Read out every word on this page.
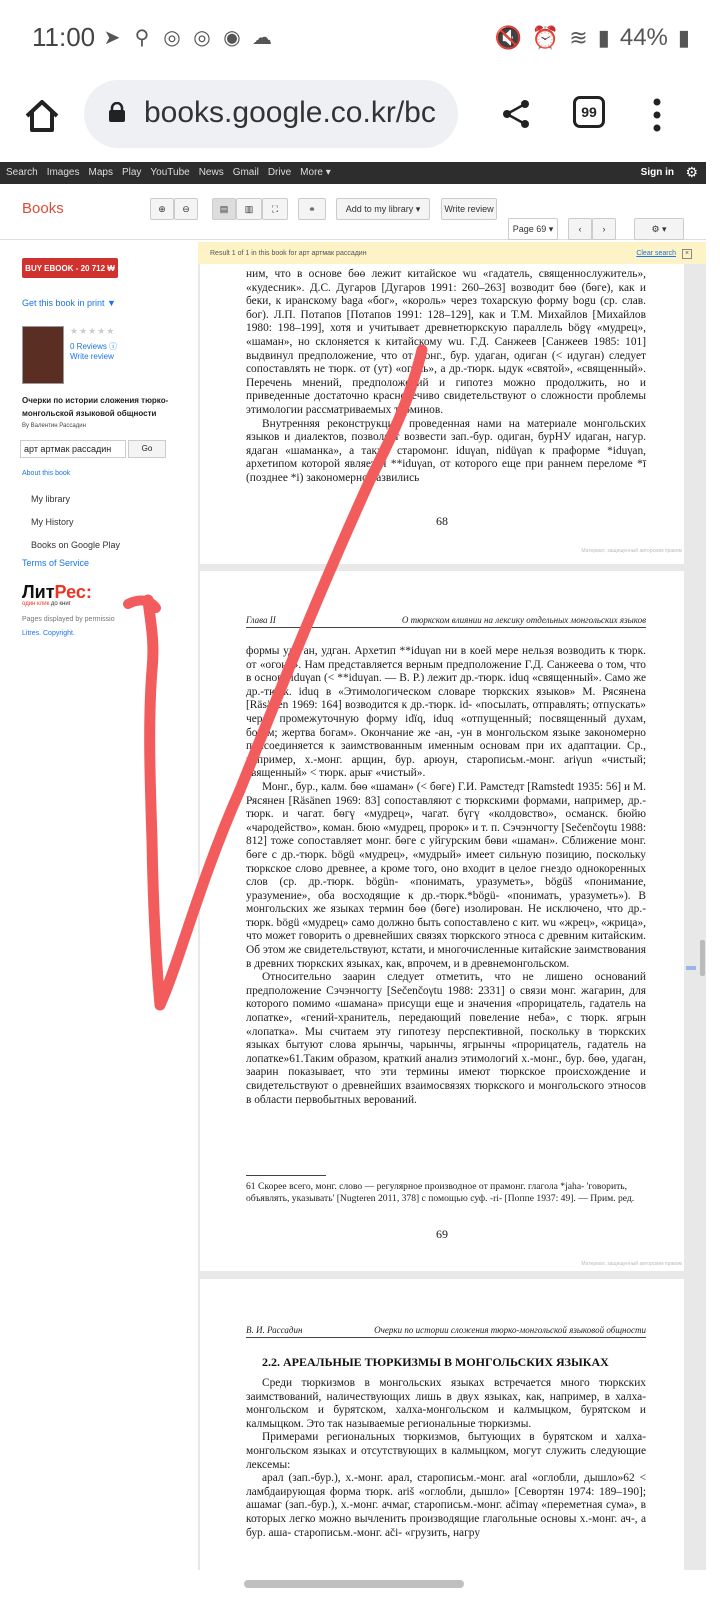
11:00 ➤ ⚲ ◎ ◎ ◉ ☁	🔇 ⏰ ≋ ▮ 44% ▮
books.google.co.kr/bc	99
Search Images Maps Play YouTube News Gmail Drive More ▾	Sign in ⚙
Books	⊕ ⊖	▤ ▥ ⛶	⚭	Add to my library ▾	Write review
Page 69 ▾	‹ ›	⚙ ▾
BUY EBOOK - 20 712 ₩
Get this book in print ▼
★★★★★
0 Reviews ⓘ
Write review
Очерки по истории сложения тюрко-монгольской языковой общности
By Валентин Рассадин
арт артмак рассадин	Go
About this book
My library
My History
Books on Google Play
Terms of Service
ЛитРес:
один клик до книг
Pages displayed by permissio
Litres. Copyright.
Result 1 of 1 in this book for арт артмак рассадин	Clear search	×

ним, что в основе бөө лежит китайское wu «гадатель, священнослужитель», «кудесник». Д.С. Дугаров [Дугаров 1991: 260–263] возводит бөө (бөгe), как и беки, к иранскому baga «бог», «король» через тохарскую форму bogu (ср. слав. бог). Л.П. Потапов [Потапов 1991: 128–129], как и Т.М. Михайлов [Михайлов 1980: 198–199], хотя и учитывает древнетюркскую параллель bögү «мудрец», «шаман», но склоняется к китайскому wu. Г.Д. Санжеев [Санжеев 1985: 101] выдвинул предположение, что от монг., бур. удаган, одиган (< идуган) следует сопоставлять не тюрк. от (ут) «огонь», а др.-тюрк. ыдук «святой», «священный». Перечень мнений, предположений и гипотез можно продолжить, но и приведенные достаточно красноречиво свидетельствуют о сложности проблемы этимологии рассматриваемых терминов.

Внутренняя реконструкция, проведенная нами на материале монгольских языков и диалектов, позволяет возвести зап.-бур. одиган, бурНУ идаган, нагур. ядаган «шаманка», а также старомонг. iduγan, nidüγan к праформе *iduγan, архетипом которой является **iduγan, от которого еще при раннем переломе *ī (позднее *i) закономерно развились

68
Материал, защищенный авторским правом
Глава II	О тюркском влиянии на лексику отдельных монгольских языков

формы удаган, удган. Архетип **iduγan ни в коей мере нельзя возводить к тюрк. от «огонь». Нам представляется верным предположение Г.Д. Санжеева о том, что в основе iduγan (< **iduγan. — В. Р.) лежит др.-тюрк. iduq «священный». Само же др.-тюрк. iduq в «Этимологическом словаре тюркских языков» М. Рясянена [Räsänen 1969: 164] возводится к др.-тюрк. id- «посылать, отправлять; отпускать» через промежуточную форму idïq, iduq «отпущенный; посвященный духам, богам; жертва богам». Окончание же -ан, -ун в монгольском языке закономерно присоединяется к заимствованным именным основам при их адаптации. Ср., например, х.-монг. арщин, бур. арюун, старописьм.-монг. ariγun «чистый; священный» < тюрк. арығ «чистый».

Монг., бур., калм. бөө «шаман» (< бөгe) Г.И. Рамстедт [Ramstedt 1935: 56] и М. Рясянен [Räsänen 1969: 83] сопоставляют с тюркскими формами, например, др.-тюрк. и чагат. бөгү «мудрец», чагат. бүгү «колдовство», османск. бюйю «чародейство», коман. бюю «мудрец, пророк» и т. п. Сэчэнчогту [Sečenčoγtu 1988: 812] тоже сопоставляет монг. бөгe с уйгурским бөви «шаман». Сближение монг. бөгe с др.-тюрк. bögü «мудрец», «мудрый» имеет сильную позицию, поскольку тюркское слово древнее, а кроме того, оно входит в целое гнездо однокоренных слов (ср. др.-тюрк. bögün- «понимать, уразуметь», bögüš «понимание, уразумение», оба восходящие к др.-тюрк.*bögü- «понимать, уразуметь»). В монгольских же языках термин бөө (бөгe) изолирован. Не исключено, что др.-тюрк. bögü «мудрец» само должно быть сопоставлено с кит. wu «жрец», «жрица», что может говорить о древнейших связях тюркского этноса с древним китайским. Об этом же свидетельствуют, кстати, и многочисленные китайские заимствования в древних тюркских языках, как, впрочем, и в древнемонгольском.

Относительно заарин следует отметить, что не лишено оснований предположение Сэчэнчогту [Sečenčoγtu 1988: 2331] о связи монг. жагарин, для которого помимо «шамана» присущи еще и значения «прорицатель, гадатель на лопатке», «гений-хранитель, передающий повеление неба», с тюрк. ягрын «лопатка». Мы считаем эту гипотезу перспективной, поскольку в тюркских языках бытуют слова ярынчы, чарынчы, ягрынчы «прорицатель, гадатель на лопатке»61.Таким образом, краткий анализ этимологий х.-монг., бур. бөө, удаган, заарин показывает, что эти термины имеют тюркское происхождение и свидетельствуют о древнейших взаимосвязях тюркского и монгольского этносов в области первобытных верований.

61 Скорее всего, монг. слово — регулярное производное от прамонг. глагола *jaha- 'говорить, объявлять, указывать' [Nugteren 2011, 378] с помощью суф. -ri- [Поппе 1937: 49]. — Прим. ред.
69
Материал, защищенный авторским правом
В. И. Рассадин	Очерки по истории сложения тюрко-монгольской языковой общности
2.2. АРЕАЛЬНЫЕ ТЮРКИЗМЫ В МОНГОЛЬСКИХ ЯЗЫКАХ

Среди тюркизмов в монгольских языках встречается много тюркских заимствований, наличествующих лишь в двух языках, как, например, в халха-монгольском и бурятском, халха-монгольском и калмыцком, бурятском и калмыцком. Это так называемые региональные тюркизмы.

Примерами региональных тюркизмов, бытующих в бурятском и халха-монгольском языках и отсутствующих в калмыцком, могут служить следующие лексемы:

арал (зап.-бур.), х.-монг. арал, старописьм.-монг. aral «оглобли, дышло»62 < ламбдаирующая форма тюрк. ariš «оглобли, дышло» [Севортян 1974: 189–190]; ашамаг (зап.-бур.), х.-монг. ачмаг, старописьм.-монг. ačimaγ «переметная сума», в которых легко можно вычленить производящие глагольные основы х.-монг. ач-, а бур. аша- старописьм.-монг. ači- «грузить, нагру
